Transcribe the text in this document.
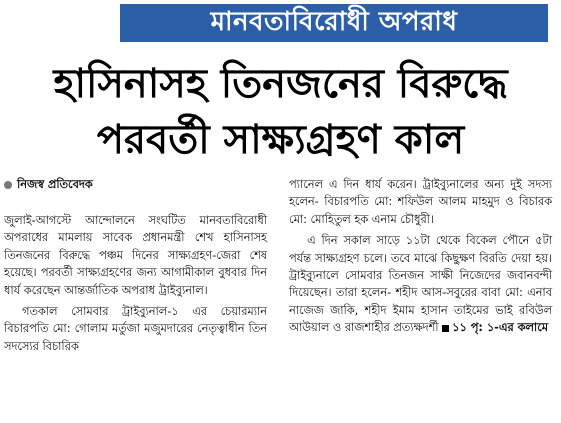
মানবতাবিরোধী অপরাধ
হাসিনাসহ তিনজনের বিরুদ্ধে
পরবর্তী সাক্ষ্যগ্রহণ কাল
নিজস্ব প্রতিবেদক

জুলাই-আগস্টে আন্দোলনে সংঘটিত মানবতাবিরোধী অপরাধের মামলায় সাবেক প্রধানমন্ত্রী শেখ হাসিনাসহ তিনজনের বিরুদ্ধে পঞ্চম দিনের সাক্ষ্যগ্রহণ-জেরা শেষ হয়েছে। পরবর্তী সাক্ষ্যগ্রহণের জন্য আগামীকাল বুধবার দিন ধার্য করেছেন আন্তর্জাতিক অপরাধ ট্রাইব্যুনাল।

গতকাল সোমবার ট্রাইব্যুনাল-১ এর চেয়ারম্যান বিচারপতি মো: গোলাম মর্তুজা মজুমদারের নেতৃত্বাধীন তিন সদস্যের বিচারিক

প্যানেল এ দিন ধার্য করেন। ট্রাইব্যুনালের অন্য দুই সদস্য হলেন- বিচারপতি মো: শফিউল আলম মাহমুদ ও বিচারক মো: মোহিতুল হক এনাম চৌধুরী।

এ দিন সকাল সাড়ে ১১টা থেকে বিকেল পৌনে ৫টা পর্যন্ত সাক্ষ্যগ্রহণ চলে। তবে মাঝে কিছুক্ষণ বিরতি দেয়া হয়। ট্রাইব্যুনালে সোমবার তিনজন সাক্ষী নিজেদের জবানবন্দী দিয়েছেন। তারা হলেন- শহীদ আস-সবুরের বাবা মো: এনাব নাজেজ জাকি, শহীদ ইমাম হাসান তাইমের ভাই রবিউল আউয়াল ও রাজশাহীর প্রত্যক্ষদর্শী ১১ পৃ: ১-এর কলামে
